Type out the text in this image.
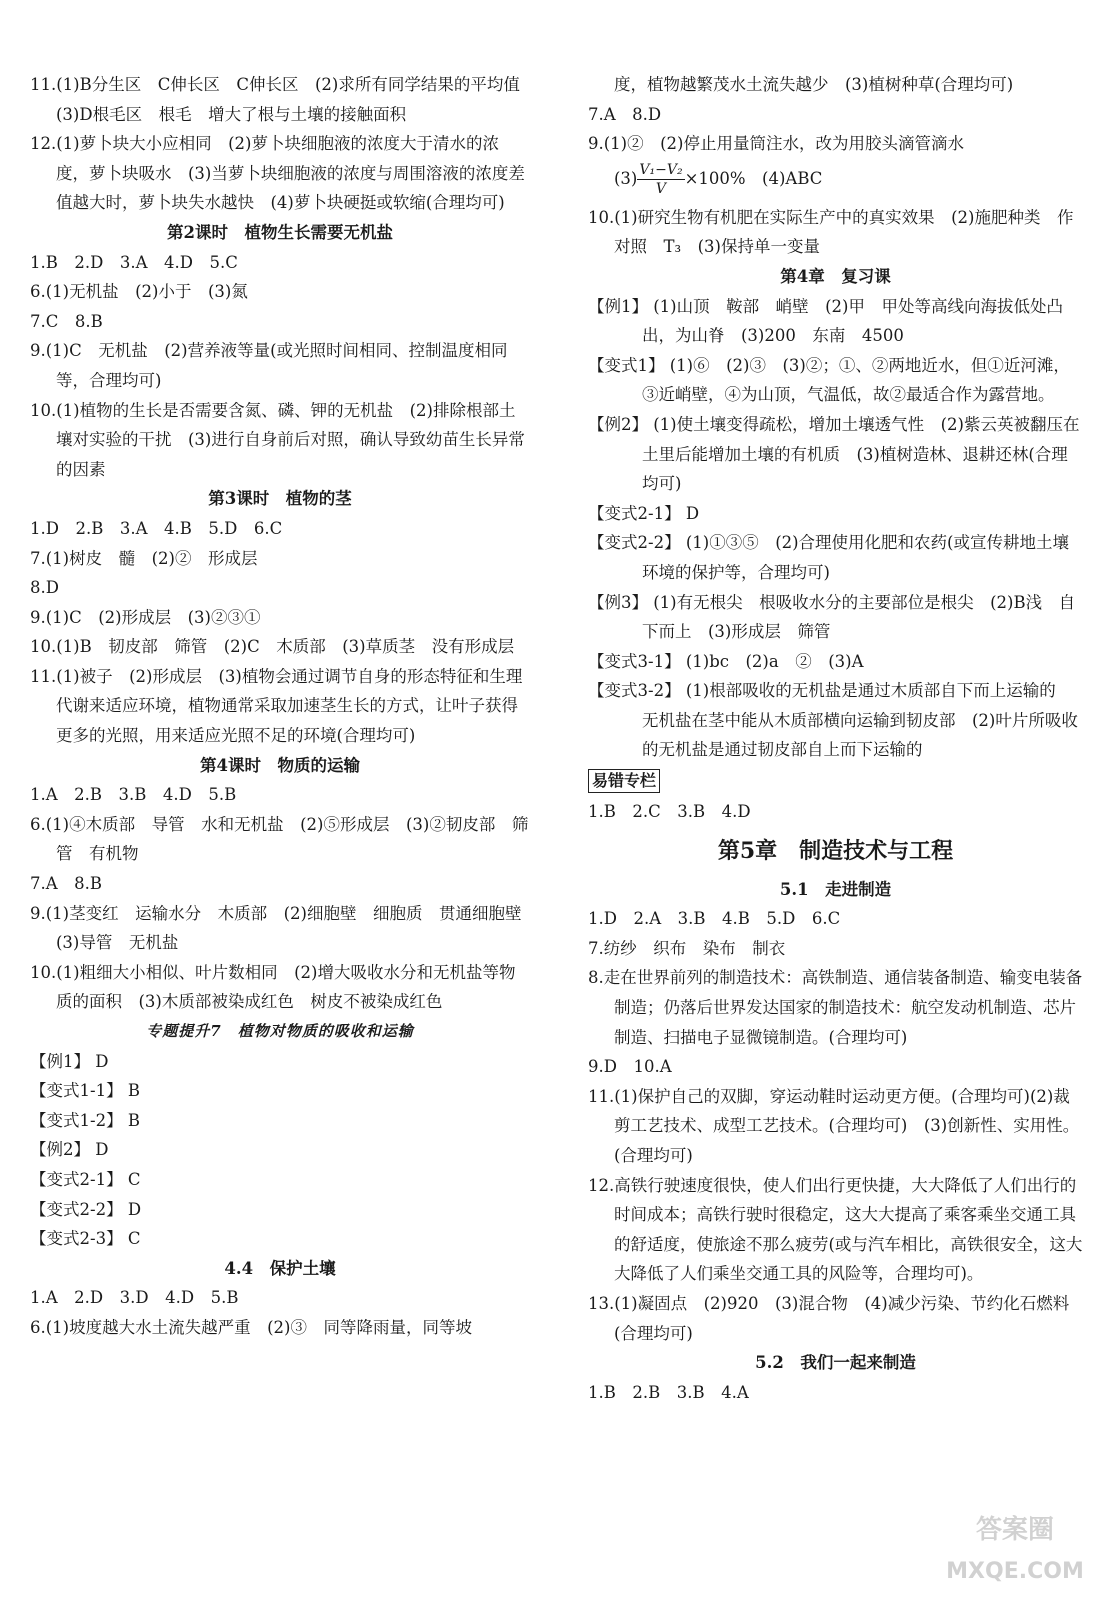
11.(1)B分生区　C伸长区　C伸长区　(2)求所有同学结果的平均值　(3)D根毛区　根毛　增大了根与土壤的接触面积
12.(1)萝卜块大小应相同　(2)萝卜块细胞液的浓度大于清水的浓度，萝卜块吸水　(3)当萝卜块细胞液的浓度与周围溶液的浓度差值越大时，萝卜块失水越快　(4)萝卜块硬挺或软缩(合理均可)
第2课时　植物生长需要无机盐
1.B　2.D　3.A　4.D　5.C
6.(1)无机盐　(2)小于　(3)氮
7.C　8.B
9.(1)C　无机盐　(2)营养液等量(或光照时间相同、控制温度相同等，合理均可)
10.(1)植物的生长是否需要含氮、磷、钾的无机盐　(2)排除根部土壤对实验的干扰　(3)进行自身前后对照，确认导致幼苗生长异常的因素
第3课时　植物的茎
1.D　2.B　3.A　4.B　5.D　6.C
7.(1)树皮　髓　(2)②　形成层
8.D
9.(1)C　(2)形成层　(3)②③①
10.(1)B　韧皮部　筛管　(2)C　木质部　(3)草质茎　没有形成层
11.(1)被子　(2)形成层　(3)植物会通过调节自身的形态特征和生理代谢来适应环境，植物通常采取加速茎生长的方式，让叶子获得更多的光照，用来适应光照不足的环境(合理均可)
第4课时　物质的运输
1.A　2.B　3.B　4.D　5.B
6.(1)④木质部　导管　水和无机盐　(2)⑤形成层　(3)②韧皮部　筛管　有机物
7.A　8.B
9.(1)茎变红　运输水分　木质部　(2)细胞壁　细胞质　贯通细胞壁　(3)导管　无机盐
10.(1)粗细大小相似、叶片数相同　(2)增大吸收水分和无机盐等物质的面积　(3)木质部被染成红色　树皮不被染成红色
专题提升7　植物对物质的吸收和运输
【例1】 D
【变式1-1】 B
【变式1-2】 B
【例2】 D
【变式2-1】 C
【变式2-2】 D
【变式2-3】 C
4.4　保护土壤
1.A　2.D　3.D　4.D　5.B
6.(1)坡度越大水土流失越严重　(2)③　同等降雨量，同等坡
度，植物越繁茂水土流失越少　(3)植树种草(合理均可)
7.A　8.D
9.(1)②　(2)停止用量筒注水，改为用胶头滴管滴水
$(3) \frac{\text{V₁−V₂}}{V} \times 100\%$　(4)ABC
10.(1)研究生物有机肥在实际生产中的真实效果　(2)施肥种类　作对照　T₃　(3)保持单一变量
第4章　复习课
【例1】 (1)山顶　鞍部　峭壁　(2)甲　甲处等高线向海拔低处凸出，为山脊　(3)200　东南　4500
【变式1】 (1)⑥　(2)③　(3)②；①、②两地近水，但①近河滩，③近峭壁，④为山顶，气温低，故②最适合作为露营地。
【例2】 (1)使土壤变得疏松，增加土壤透气性　(2)紫云英被翻压在土里后能增加土壤的有机质　(3)植树造林、退耕还林(合理均可)
【变式2-1】 D
【变式2-2】 (1)①③⑤　(2)合理使用化肥和农药(或宣传耕地土壤环境的保护等，合理均可)
【例3】 (1)有无根尖　根吸收水分的主要部位是根尖　(2)B浅　自下而上　(3)形成层　筛管
【变式3-1】 (1)bc　(2)a　②　(3)A
【变式3-2】 (1)根部吸收的无机盐是通过木质部自下而上运输的　无机盐在茎中能从木质部横向运输到韧皮部　(2)叶片所吸收的无机盐是通过韧皮部自上而下运输的
易错专栏
1.B　2.C　3.B　4.D
第5章　制造技术与工程
5.1　走进制造
1.D　2.A　3.B　4.B　5.D　6.C
7.纺纱　织布　染布　制衣
8.走在世界前列的制造技术：高铁制造、通信装备制造、输变电装备制造；仍落后世界发达国家的制造技术：航空发动机制造、芯片制造、扫描电子显微镜制造。(合理均可)
9.D　10.A
11.(1)保护自己的双脚，穿运动鞋时运动更方便。(合理均可)(2)裁剪工艺技术、成型工艺技术。(合理均可)　(3)创新性、实用性。(合理均可)
12.高铁行驶速度很快，使人们出行更快捷，大大降低了人们出行的时间成本；高铁行驶时很稳定，这大大提高了乘客乘坐交通工具的舒适度，使旅途不那么疲劳(或与汽车相比，高铁很安全，这大大降低了人们乘坐交通工具的风险等，合理均可)。
13.(1)凝固点　(2)920　(3)混合物　(4)减少污染、节约化石燃料(合理均可)
5.2　我们一起来制造
1.B　2.B　3.B　4.A
答案圈
MXQE.COM
